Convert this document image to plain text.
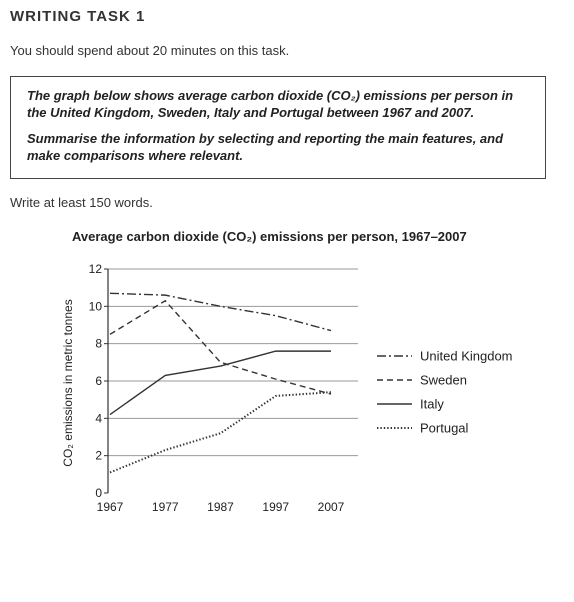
WRITING TASK 1
You should spend about 20 minutes on this task.

The graph below shows average carbon dioxide (CO₂) emissions per person in the United Kingdom, Sweden, Italy and Portugal between 1967 and 2007.

Summarise the information by selecting and reporting the main features, and make comparisons where relevant.

Write at least 150 words.
Average carbon dioxide (CO₂) emissions per person, 1967–2007
0
2
4
6
8
10
12
1967 1977 1987 1997 2007
United Kingdom
Sweden
Italy
Portugal
CO₂ emissions in metric tonnes
